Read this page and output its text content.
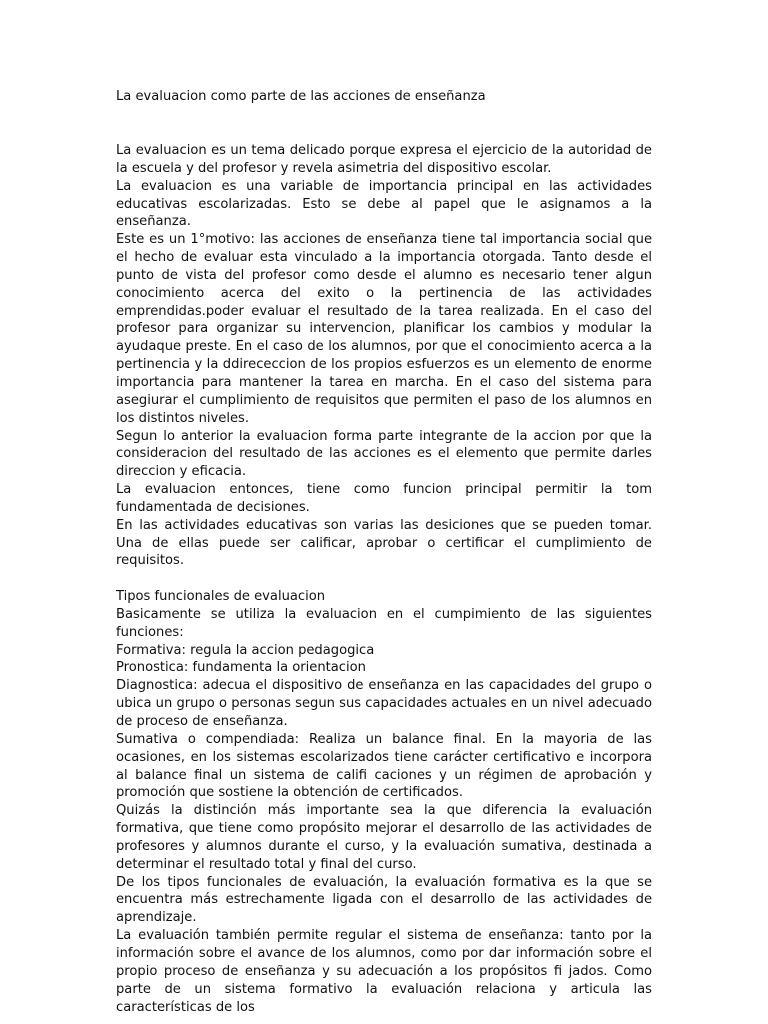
La evaluacion como parte de las acciones de enseñanza

La evaluacion es un tema delicado porque expresa el ejercicio de la autoridad de la escuela y del profesor y revela asimetria del dispositivo escolar.

La evaluacion es una variable de importancia principal en las actividades educativas escolarizadas. Esto se debe al papel que le asignamos a la enseñanza.

Este es un 1°motivo: las acciones de enseñanza tiene tal importancia social que el hecho de evaluar esta vinculado a la importancia otorgada. Tanto desde el punto de vista del profesor como desde el alumno es necesario tener algun conocimiento acerca del exito o la pertinencia de las actividades emprendidas.poder evaluar el resultado de la tarea realizada. En el caso del profesor para organizar su intervencion, planificar los cambios y modular la ayudaque preste. En el caso de los alumnos, por que el conocimiento acerca a la pertinencia y la ddirececcion de los propios esfuerzos es un elemento de enorme importancia para mantener la tarea en marcha. En el caso del sistema para asegiurar el cumplimiento de requisitos que permiten el paso de los alumnos en los distintos niveles.

Segun lo anterior la evaluacion forma parte integrante de la accion por que la consideracion del resultado de las acciones es el elemento que permite darles direccion y eficacia.

La evaluacion entonces, tiene como funcion principal permitir la tom fundamentada de decisiones.

En las actividades educativas son varias las desiciones que se pueden tomar. Una de ellas puede ser calificar, aprobar o certificar el cumplimiento de requisitos.

Tipos funcionales de evaluacion

Basicamente se utiliza la evaluacion en el cumpimiento de las siguientes funciones:

Formativa: regula la accion pedagogica

Pronostica: fundamenta la orientacion

Diagnostica: adecua el dispositivo de enseñanza en las capacidades del grupo o ubica un grupo o personas segun sus capacidades actuales en un nivel adecuado de proceso de enseñanza.

Sumativa o compendiada: Realiza un balance final. En la mayoria de las ocasiones, en los sistemas escolarizados tiene carácter certificativo e incorpora al balance final un sistema de califi caciones y un régimen de aprobación y promoción que sostiene la obtención de certificados.

Quizás la distinción más importante sea la que diferencia la evaluación formativa, que tiene como propósito mejorar el desarrollo de las actividades de profesores y alumnos durante el curso, y la evaluación sumativa, destinada a determinar el resultado total y final del curso.

De los tipos funcionales de evaluación, la evaluación formativa es la que se encuentra más estrechamente ligada con el desarrollo de las actividades de aprendizaje.

La evaluación también permite regular el sistema de enseñanza: tanto por la información sobre el avance de los alumnos, como por dar información sobre el propio proceso de enseñanza y su adecuación a los propósitos fi jados. Como parte de un sistema formativo la evaluación relaciona y articula las características de los
